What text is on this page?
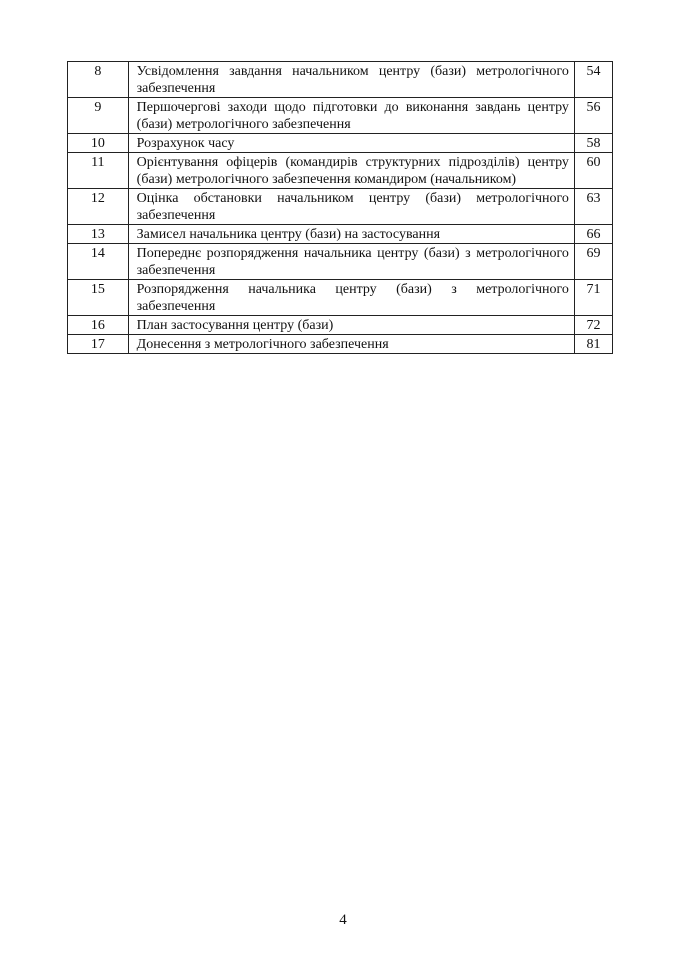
8	Усвідомлення завдання начальником центру (бази) метрологічного забезпечення	54
9	Першочергові заходи щодо підготовки до виконання завдань центру (бази) метрологічного забезпечення	56
10	Розрахунок часу	58
11	Орієнтування офіцерів (командирів структурних підрозділів) центру (бази) метрологічного забезпечення командиром (начальником)	60
12	Оцінка обстановки начальником центру (бази) метрологічного забезпечення	63
13	Замисел начальника центру (бази) на застосування	66
14	Попереднє розпорядження начальника центру (бази) з метрологічного забезпечення	69
15	Розпорядження начальника центру (бази) з метрологічного забезпечення	71
16	План застосування центру (бази)	72
17	Донесення з метрологічного забезпечення	81
4
